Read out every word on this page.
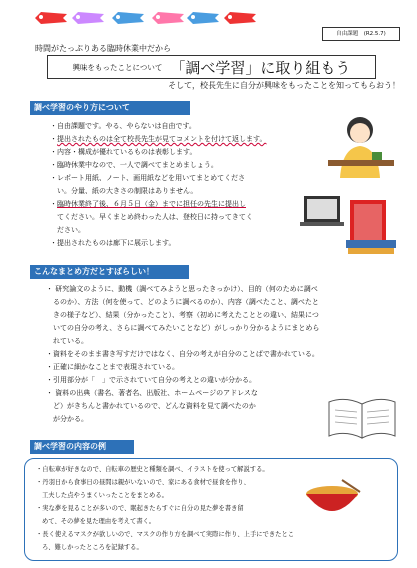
自由課題　(R2.5.7)
時間がたっぷりある臨時休業中だから
興味をもったことについて 「調べ学習」に取り組もう
そして，校長先生に自分が興味をもったことを知ってもらおう！
調べ学習のやり方について
・ 自由課題です。やる、やらないは自由です。
・ 提出されたものは全て校長先生が見てコメントを付けて返します。
・ 内容・構成が優れているものは表彰します。
・ 臨時休業中なので、一人で調べてまとめましょう。
・ レポート用紙、ノート、画用紙などを用いてまとめてくださ
い。分量、紙の大きさの制限はありません。
・ 臨時休業終了後、６月５日（金）までに担任の先生に提出し
てください。早くまとめ終わった人は、登校日に持ってきてく
ださい。
・ 提出されたものは廊下に展示します。
こんなまとめ方だとすばらしい！
・ 研究論文のように、動機（調べてみようと思ったきっかけ）、目的（何のために調べ
るのか）、方法（何を使って、どのように調べるのか）、内容（調べたこと、調べたと
きの様子など）、結果（分かったこと）、考察（初めに考えたこととの違い、結果につ
いての自分の考え、さらに調べてみたいことなど）がしっかり分かるようにまとめら
れている。
・ 資料をそのまま書き写すだけではなく、自分の考えが自分のことばで書かれている。
・ 正確に細かなことまで表現されている。
・ 引用部分が「　」で示されていて自分の考えとの違いが分かる。
・ 資料の出典（書名、著者名、出版社、ホームページのアドレスな
ど）がきちんと書かれているので、どんな資料を見て調べたのか
が分かる。
調べ学習の内容の例
・ 自転車が好きなので、自転車の歴史と種類を調べ、イラストを使って解説する。
・ 丹羽日から食事日の昼間は親がいないので、家にある食材で昼食を作り、
工夫した点やうまくいったことをまとめる。
・ 実な夢を見ることが多いので、眠起きたらすぐに自分の見た夢を書き留
めて、その夢を見た理由を考えて書く。
・ 長く使えるマスクが欲しいので、マスクの作り方を調べて実際に作り、上手にできたとこ
ろ、難しかったところを記録する。
